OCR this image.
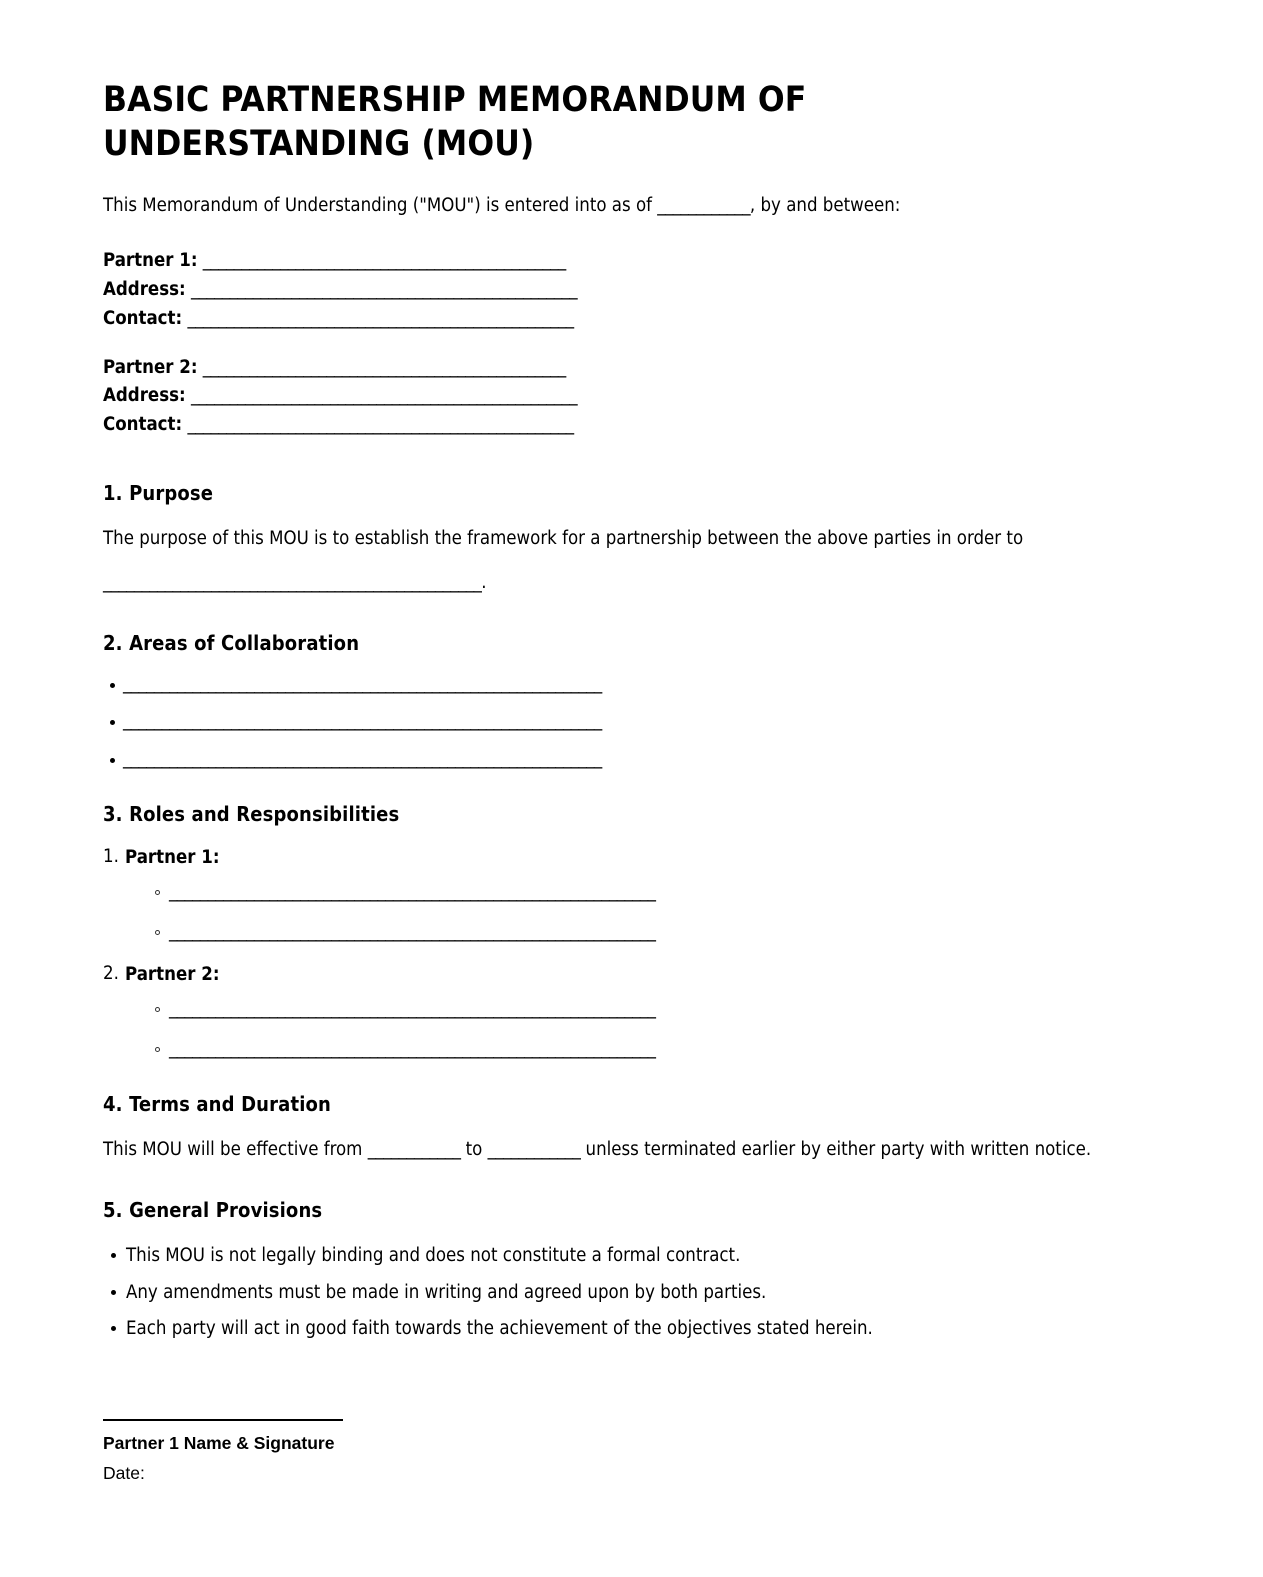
BASIC PARTNERSHIP MEMORANDUM OF UNDERSTANDING (MOU)

This Memorandum of Understanding ("MOU") is entered into as of ____________, by and between:

Partner 1: _______________________________________________
Address: __________________________________________________
Contact: __________________________________________________
Partner 2: _______________________________________________
Address: __________________________________________________
Contact: __________________________________________________
1. Purpose

The purpose of this MOU is to establish the framework for a partnership between the above parties in order to

_________________________________________________.

2. Areas of Collaboration
______________________________________________________________
______________________________________________________________
______________________________________________________________
3. Roles and Responsibilities
Partner 1:
_______________________________________________________________
_______________________________________________________________
Partner 2:
_______________________________________________________________
_______________________________________________________________
4. Terms and Duration

This MOU will be effective from ____________ to ____________ unless terminated earlier by either party with written notice.

5. General Provisions
This MOU is not legally binding and does not constitute a formal contract.
Any amendments must be made in writing and agreed upon by both parties.
Each party will act in good faith towards the achievement of the objectives stated herein.
Partner 1 Name & Signature
Date:
